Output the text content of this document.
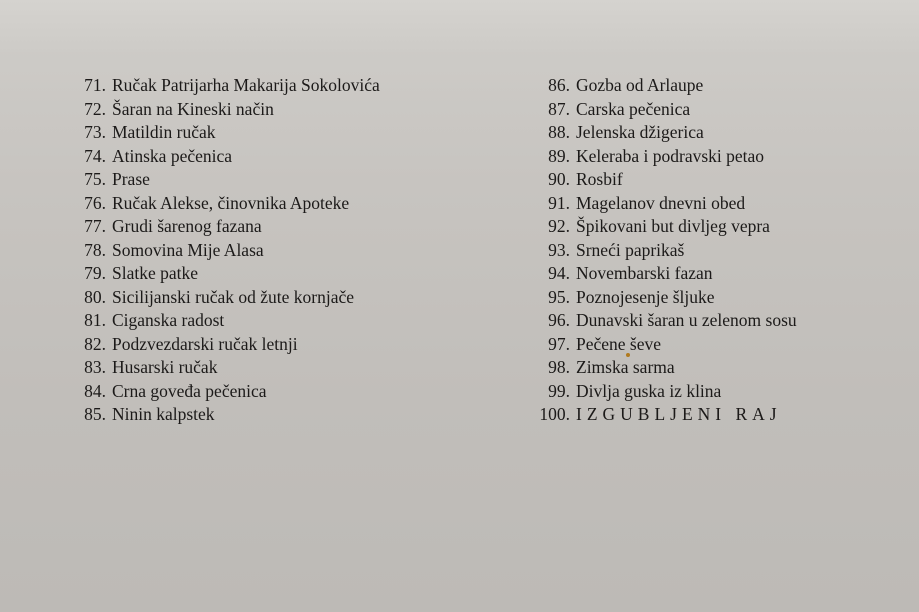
71. Ručak Patrijarha Makarija Sokolovića
72. Šaran na Kineski način
73. Matildin ručak
74. Atinska pečenica
75. Prase
76. Ručak Alekse, činovnika Apoteke
77. Grudi šarenog fazana
78. Somovina Mije Alasa
79. Slatke patke
80. Sicilijanski ručak od žute kornjače
81. Ciganska radost
82. Podzvezdarski ručak letnji
83. Husarski ručak
84. Crna goveđa pečenica
85. Ninin kalpstek
86. Gozba od Arlaupe
87. Carska pečenica
88. Jelenska džigerica
89. Keleraba i podravski petao
90. Rosbif
91. Magelanov dnevni obed
92. Špikovani but divljeg vepra
93. Srneći paprikaš
94. Novembarski fazan
95. Poznojesenje šljuke
96. Dunavski šaran u zelenom sosu
97. Pečene ševe
98. Zimska sarma
99. Divlja guska iz klina
100. IZGUBLJENI RAJ
